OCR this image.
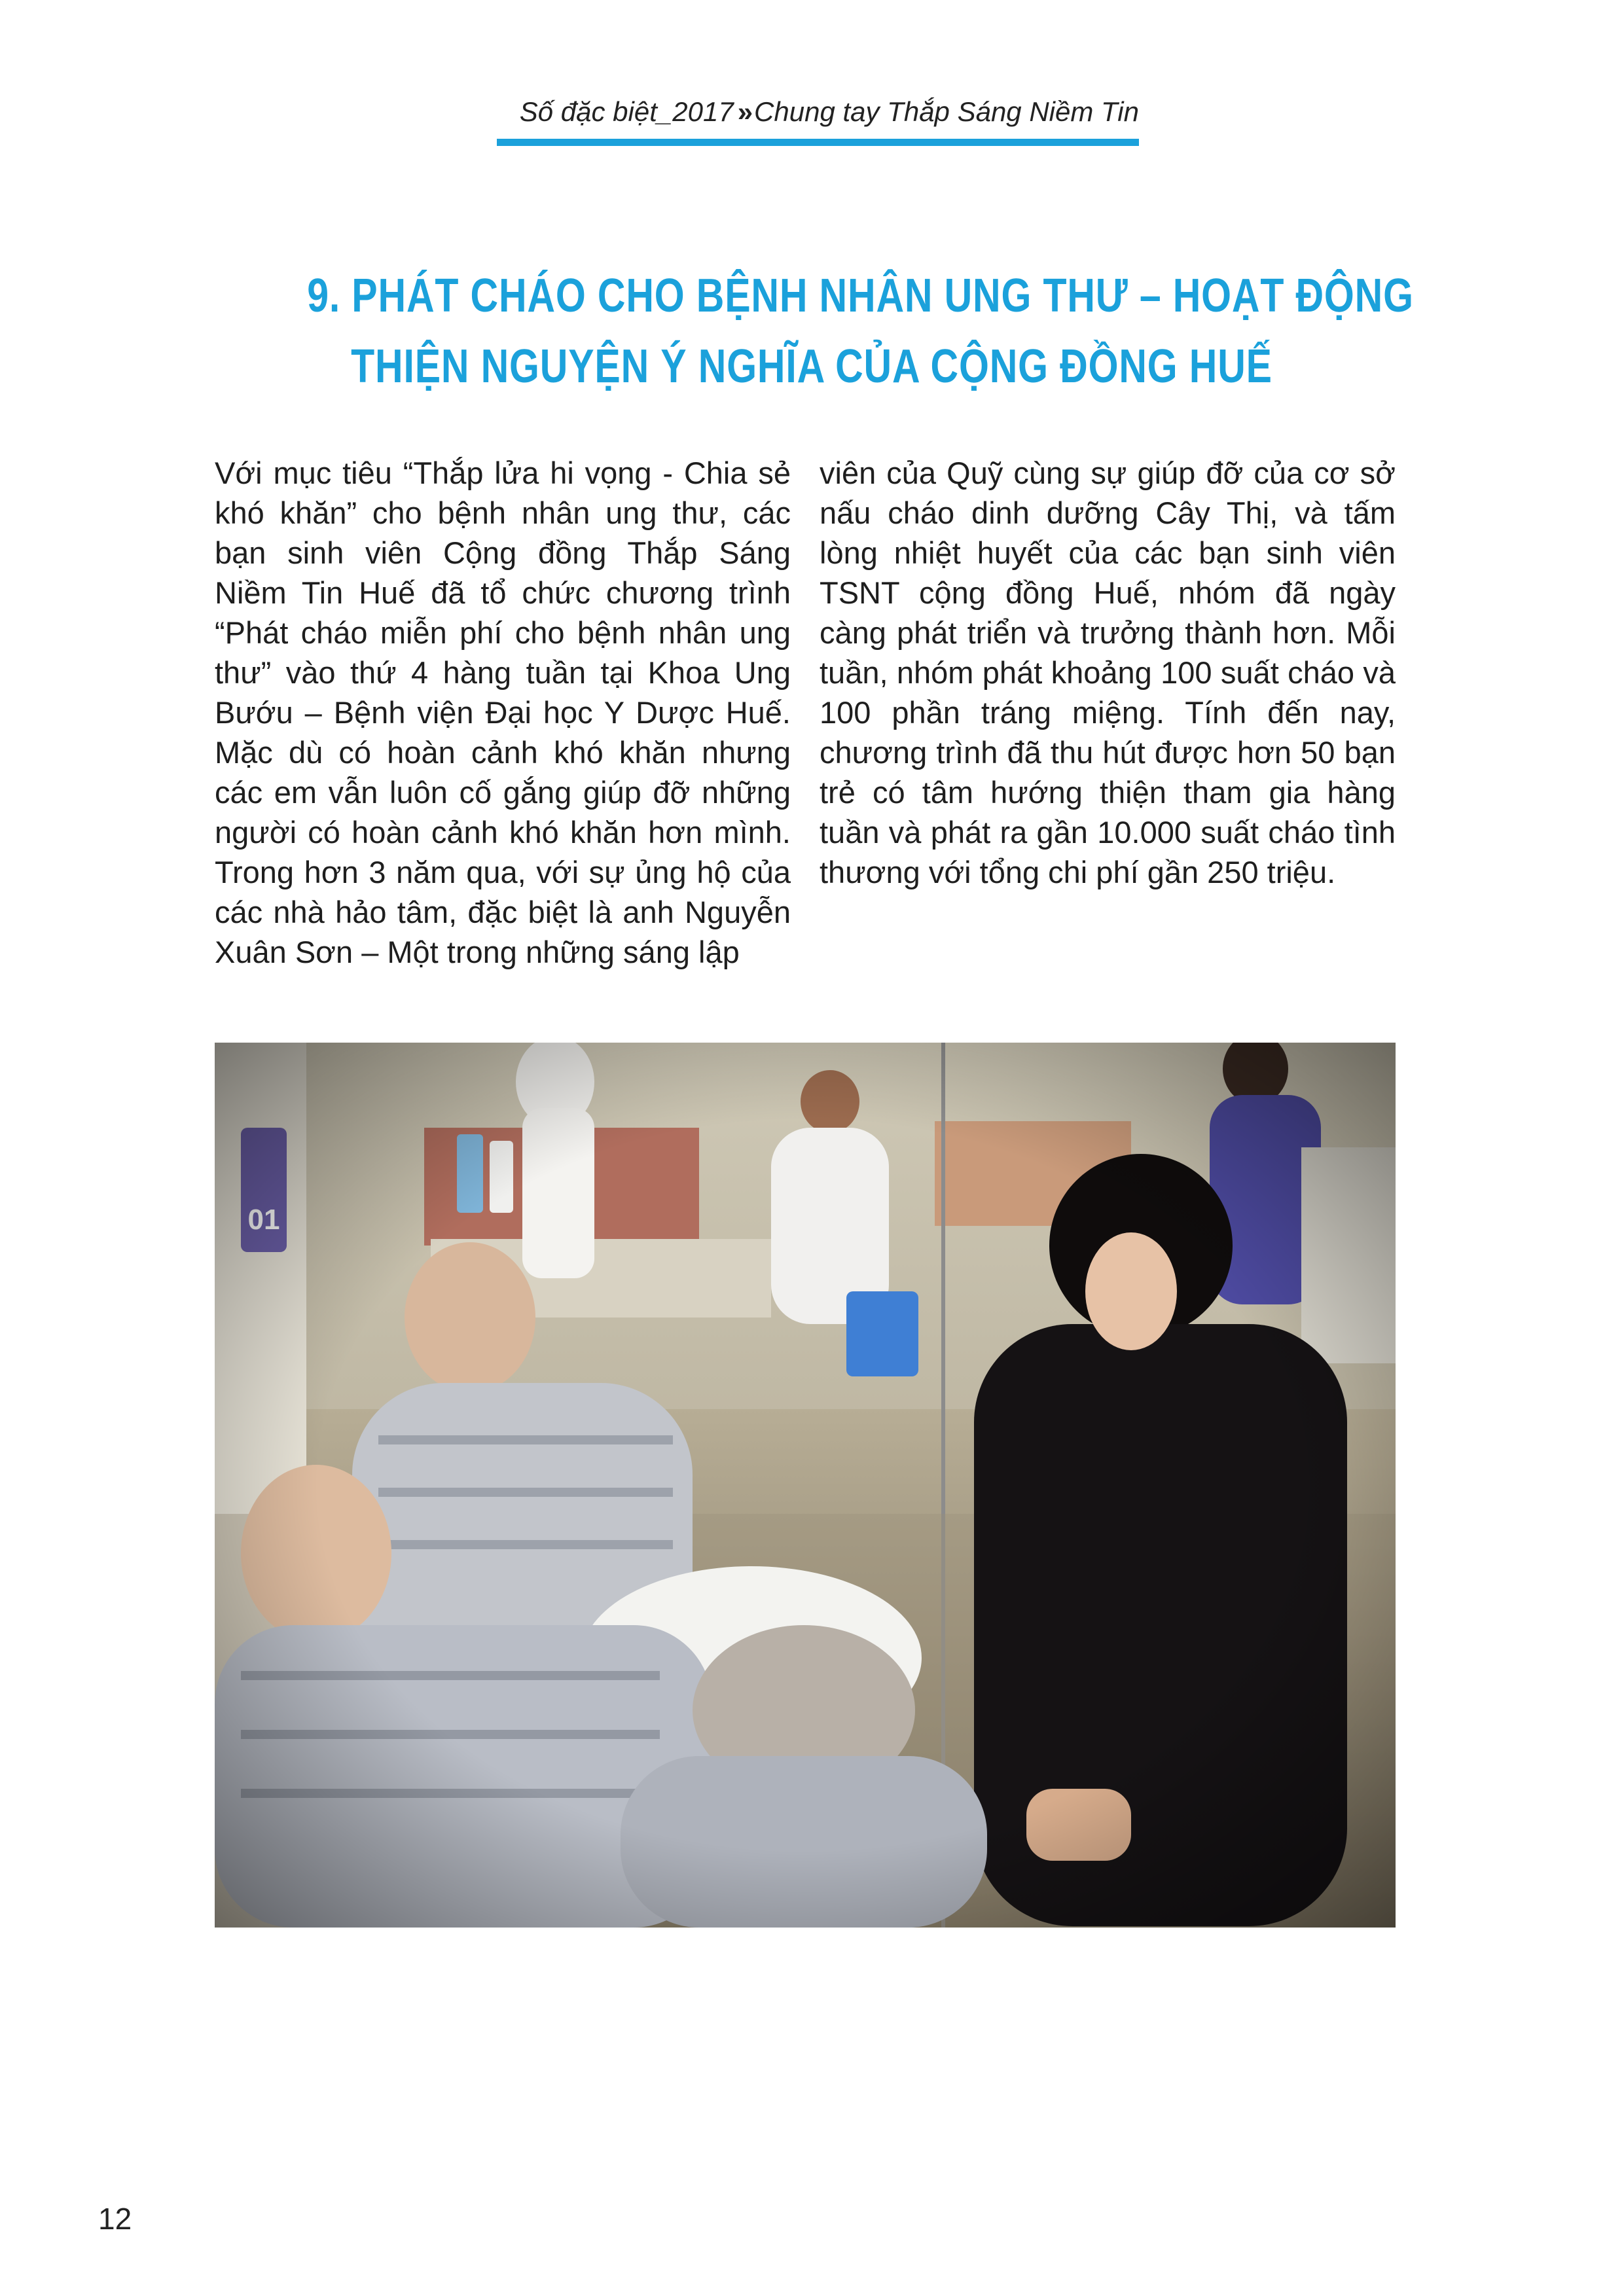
Số đặc biệt_2017 » Chung tay Thắp Sáng Niềm Tin
9. PHÁT CHÁO CHO BỆNH NHÂN UNG THƯ – HOẠT ĐỘNG
THIỆN NGUYỆN Ý NGHĨA CỦA CỘNG ĐỒNG HUẾ

Với mục tiêu “Thắp lửa hi vọng - Chia sẻ khó khăn” cho bệnh nhân ung thư, các bạn sinh viên Cộng đồng Thắp Sáng Niềm Tin Huế đã tổ chức chương trình “Phát cháo miễn phí cho bệnh nhân ung thư” vào thứ 4 hàng tuần tại Khoa Ung Bướu – Bệnh viện Đại học Y Dược Huế. Mặc dù có hoàn cảnh khó khăn nhưng các em vẫn luôn cố gắng giúp đỡ những người có hoàn cảnh khó khăn hơn mình. Trong hơn 3 năm qua, với sự ủng hộ của các nhà hảo tâm, đặc biệt là anh Nguyễn Xuân Sơn – Một trong những sáng lập

viên của Quỹ cùng sự giúp đỡ của cơ sở nấu cháo dinh dưỡng Cây Thị, và tấm lòng nhiệt huyết của các bạn sinh viên TSNT cộng đồng Huế, nhóm đã ngày càng phát triển và trưởng thành hơn. Mỗi tuần, nhóm phát khoảng 100 suất cháo và 100 phần tráng miệng. Tính đến nay, chương trình đã thu hút được hơn 50 bạn trẻ có tâm hướng thiện tham gia hàng tuần và phát ra gần 10.000 suất cháo tình thương với tổng chi phí gần 250 triệu.

12
